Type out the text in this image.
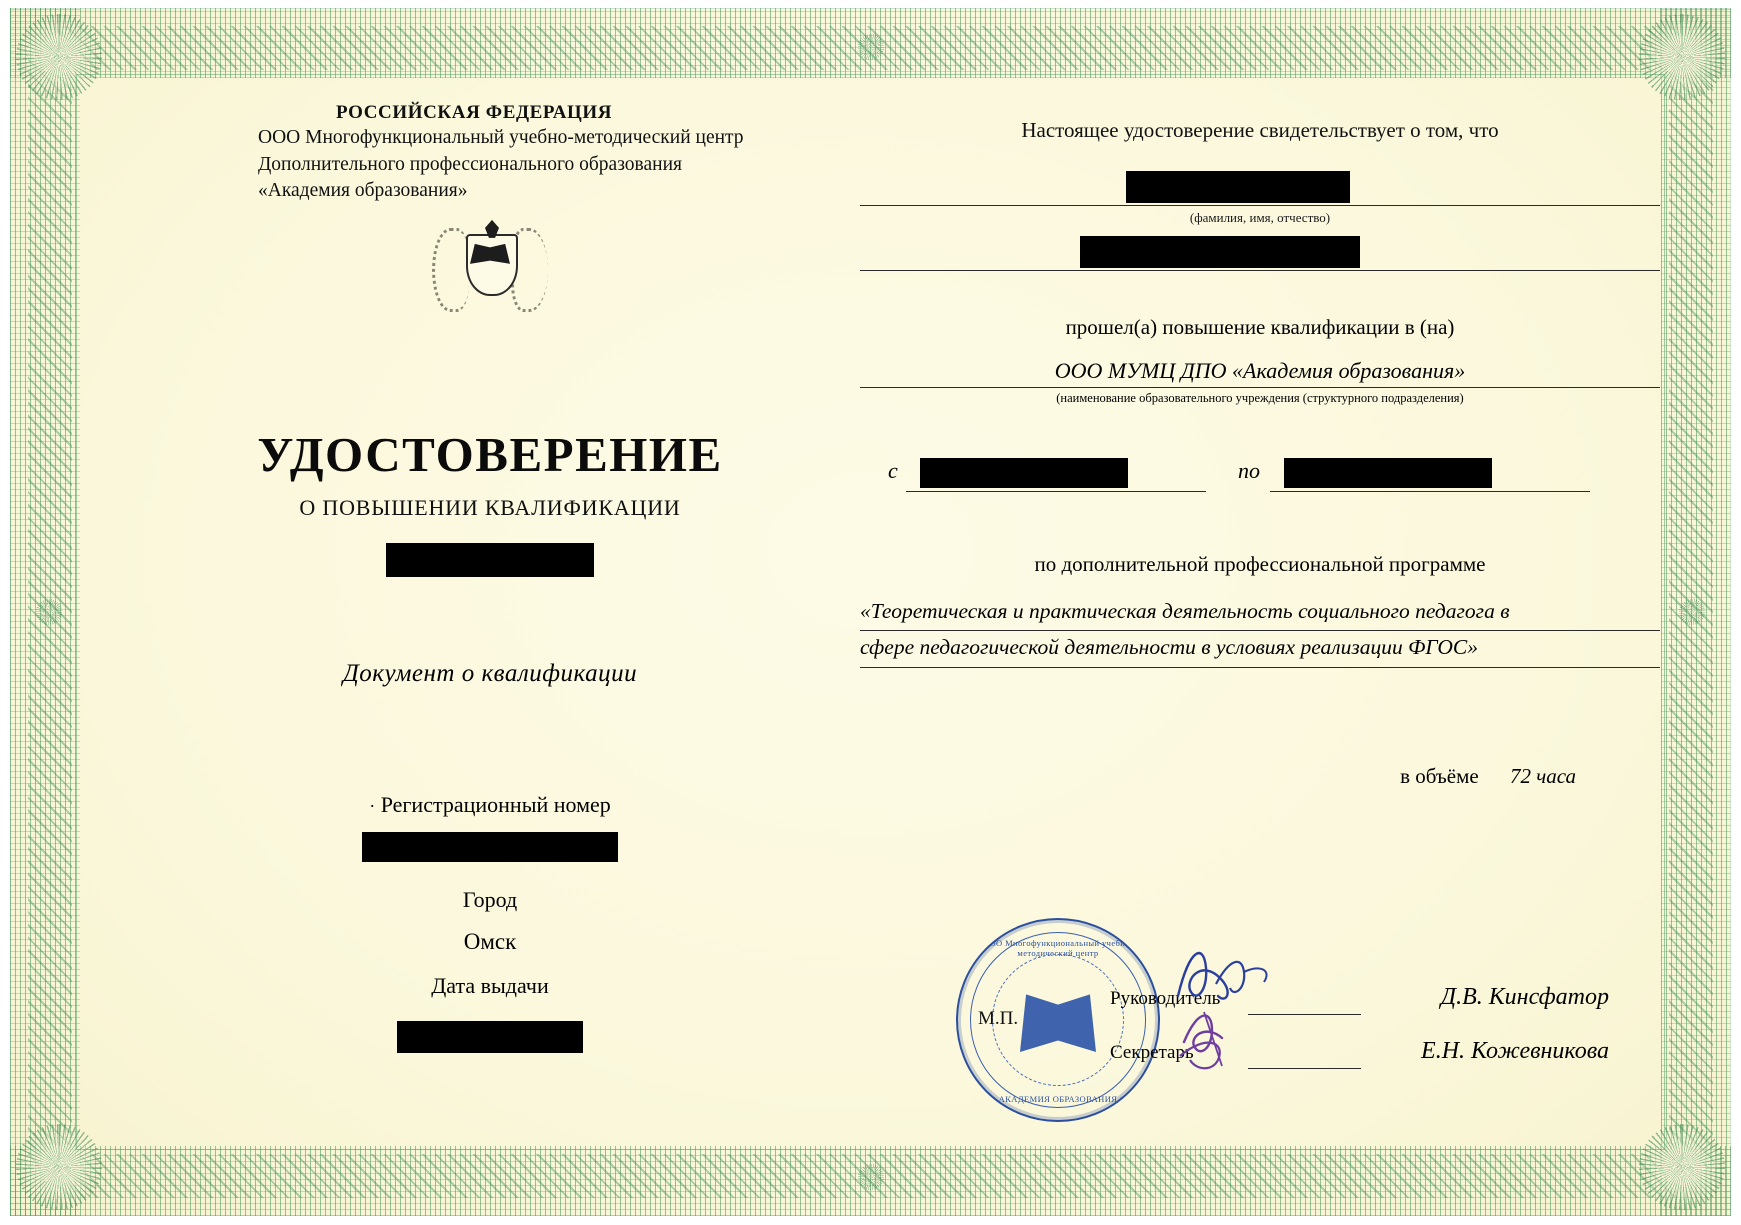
РОССИЙСКАЯ ФЕДЕРАЦИЯ
ООО Многофункциональный учебно-методический центр
Дополнительного профессионального образования
«Академия образования»
УДОСТОВЕРЕНИЕ
О ПОВЫШЕНИИ КВАЛИФИКАЦИИ
Документ о квалификации
· Регистрационный номер
Город
Омск
Дата выдачи
Настоящее удостоверение свидетельствует о том, что
(фамилия, имя, отчество)
прошел(а) повышение квалификации в (на)
ООО МУМЦ ДПО «Академия образования»
(наименование образовательного учреждения (структурного подразделения)
с	по
по дополнительной профессиональной программе
«Теоретическая и практическая деятельность социального педагога в
сфере педагогической деятельности в условиях реализации ФГОС»
в объёме 72 часа
ООО Многофункциональный учебно-методический центр
* АКАДЕМИЯ ОБРАЗОВАНИЯ *
М.П.
Руководитель	Д.В. Кинсфатор
Секретарь	Е.Н. Кожевникова
